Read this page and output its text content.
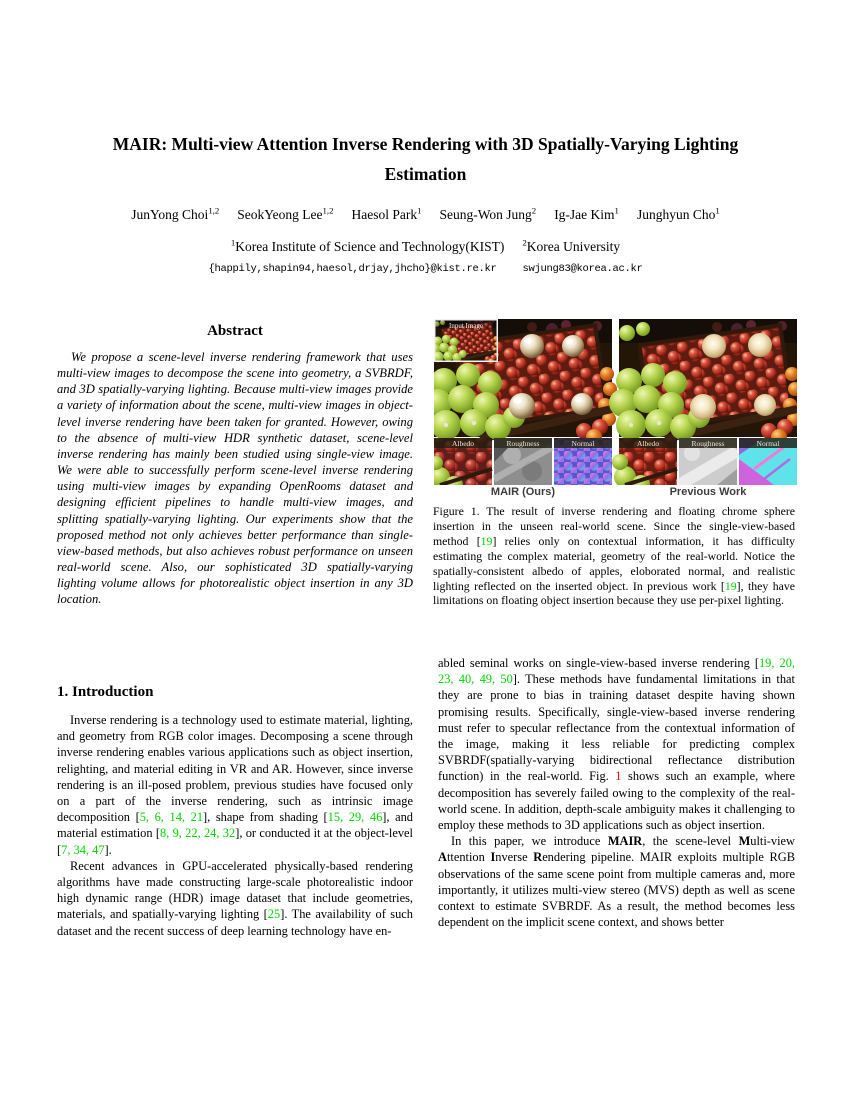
MAIR: Multi-view Attention Inverse Rendering with 3D Spatially-Varying Lighting Estimation
JunYong Choi$^{1,2}$ SeokYeong Lee$^{1,2}$ Haesol Park$^1$ Seung-Won Jung$^2$ Ig-Jae Kim$^1$ Junghyun Cho$^1$
$^1$Korea Institute of Science and Technology(KIST) $^2$Korea University
{happily,shapin94,haesol,drjay,jhcho}@kist.re.kr swjung83@korea.ac.kr
Abstract

We propose a scene-level inverse rendering framework that uses multi-view images to decompose the scene into geometry, a SVBRDF, and 3D spatially-varying lighting. Because multi-view images provide a variety of information about the scene, multi-view images in object-level inverse rendering have been taken for granted. However, owing to the absence of multi-view HDR synthetic dataset, scene-level inverse rendering has mainly been studied using single-view image. We were able to successfully perform scene-level inverse rendering using multi-view images by expanding OpenRooms dataset and designing efficient pipelines to handle multi-view images, and splitting spatially-varying lighting. Our experiments show that the proposed method not only achieves better performance than single-view-based methods, but also achieves robust performance on unseen real-world scene. Also, our sophisticated 3D spatially-varying lighting volume allows for photorealistic object insertion in any 3D location.

1. Introduction

Inverse rendering is a technology used to estimate material, lighting, and geometry from RGB color images. Decomposing a scene through inverse rendering enables various applications such as object insertion, relighting, and material editing in VR and AR. However, since inverse rendering is an ill-posed problem, previous studies have focused only on a part of the inverse rendering, such as intrinsic image decomposition [5, 6, 14, 21], shape from shading [15, 29, 46], and material estimation [8, 9, 22, 24, 32], or conducted it at the object-level [7, 34, 47].

Recent advances in GPU-accelerated physically-based rendering algorithms have made constructing large-scale photorealistic indoor high dynamic range (HDR) image dataset that include geometries, materials, and spatially-varying lighting [25]. The availability of such dataset and the recent success of deep learning technology have en-

Input Image
Albedo	Roughness	Normal	Albedo	Roughness	Normal
MAIR (Ours)	Previous Work
Figure 1. The result of inverse rendering and floating chrome sphere insertion in the unseen real-world scene. Since the single-view-based method [19] relies only on contextual information, it has difficulty estimating the complex material, geometry of the real-world. Notice the spatially-consistent albedo of apples, eloborated normal, and realistic lighting reflected on the inserted object. In previous work [19], they have limitations on floating object insertion because they use per-pixel lighting.

abled seminal works on single-view-based inverse rendering [19, 20, 23, 40, 49, 50]. These methods have fundamental limitations in that they are prone to bias in training dataset despite having shown promising results. Specifically, single-view-based inverse rendering must refer to specular reflectance from the contextual information of the image, making it less reliable for predicting complex SVBRDF(spatially-varying bidirectional reflectance distribution function) in the real-world. Fig. 1 shows such an example, where decomposition has severely failed owing to the complexity of the real-world scene. In addition, depth-scale ambiguity makes it challenging to employ these methods to 3D applications such as object insertion.

In this paper, we introduce MAIR, the scene-level Multi-view Attention Inverse Rendering pipeline. MAIR exploits multiple RGB observations of the same scene point from multiple cameras and, more importantly, it utilizes multi-view stereo (MVS) depth as well as scene context to estimate SVBRDF. As a result, the method becomes less dependent on the implicit scene context, and shows better
